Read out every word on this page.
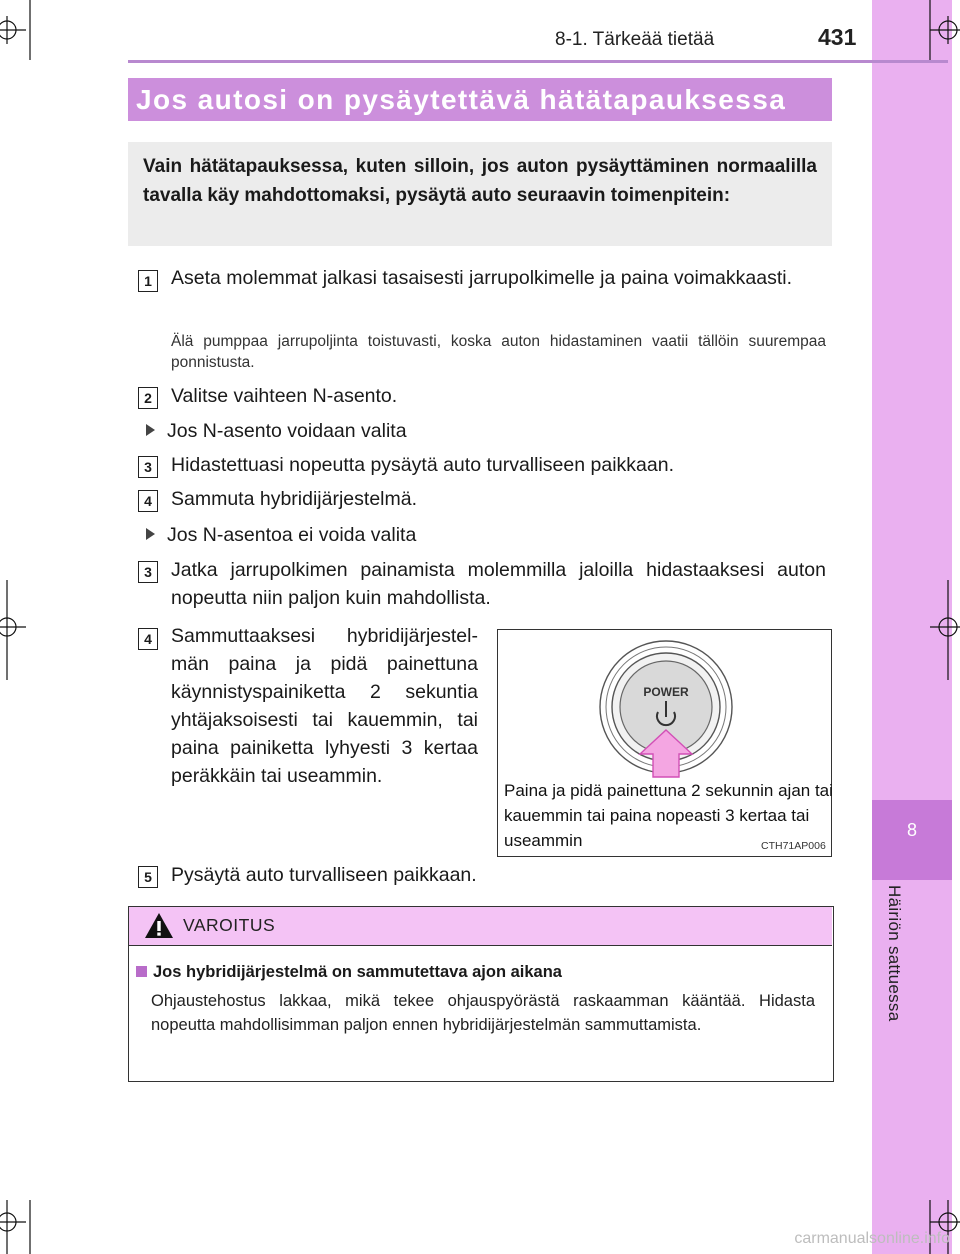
8
Häiriön sattuessa
8-1. Tärkeää tietää	431
Jos autosi on pysäytettävä hätätapauksessa
Vain hätätapauksessa, kuten silloin, jos auton pysäyttäminen normaalilla tavalla käy mahdottomaksi, pysäytä auto seuraavin toimenpitein:
1 Aseta molemmat jalkasi tasaisesti jarrupolkimelle ja paina voimakkaasti.
Älä pumppaa jarrupoljinta toistuvasti, koska auton hidastaminen vaatii tällöin suurempaa ponnistusta.
2 Valitse vaihteen N-asento.
Jos N-asento voidaan valita
3 Hidastettuasi nopeutta pysäytä auto turvalliseen paikkaan.
4 Sammuta hybridijärjestelmä.
Jos N-asentoa ei voida valita
3 Jatka jarrupolkimen painamista molemmilla jaloilla hidastaaksesi auton nopeutta niin paljon kuin mahdollista.
4 Sammuttaaksesi hybridijärjestelmän paina ja pidä painettuna käynnistyspainiketta 2 sekuntia yhtäjaksoisesti tai kauemmin, tai paina painiketta lyhyesti 3 kertaa peräkkäin tai useammin.
POWER
Paina ja pidä painettuna 2 sekunnin ajan tai kauemmin tai paina nopeasti 3 kertaa tai useammin	CTH71AP006
5 Pysäytä auto turvalliseen paikkaan.
VAROITUS
Jos hybridijärjestelmä on sammutettava ajon aikana
Ohjaustehostus lakkaa, mikä tekee ohjauspyörästä raskaamman kääntää. Hidasta nopeutta mahdollisimman paljon ennen hybridijärjestelmän sammuttamista.
carmanualsonline.info
